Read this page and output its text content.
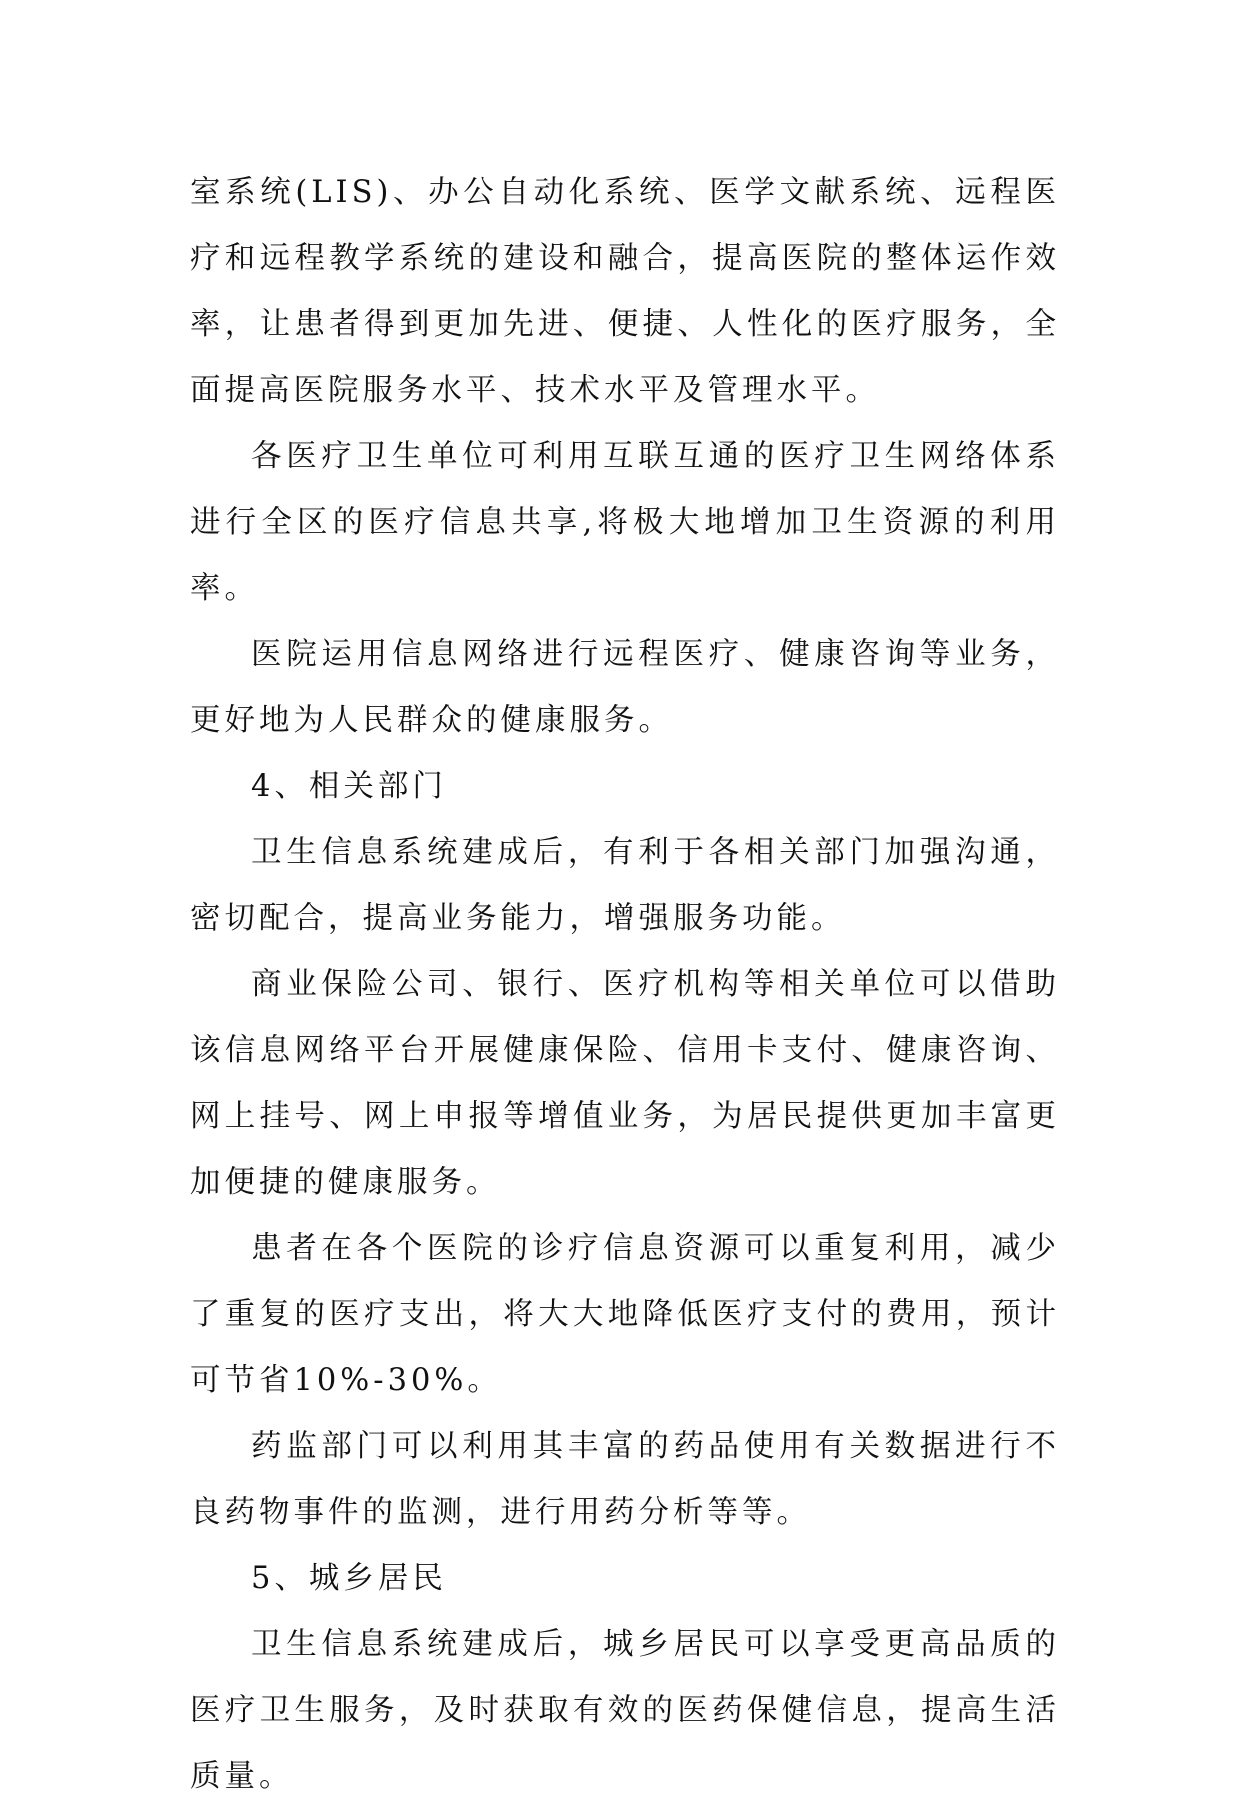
室系统(LIS)、办公自动化系统、医学文献系统、远程医疗和远程教学系统的建设和融合，提高医院的整体运作效率，让患者得到更加先进、便捷、人性化的医疗服务，全面提高医院服务水平、技术水平及管理水平。

各医疗卫生单位可利用互联互通的医疗卫生网络体系进行全区的医疗信息共享,将极大地增加卫生资源的利用率。

医院运用信息网络进行远程医疗、健康咨询等业务，更好地为人民群众的健康服务。

4、相关部门

卫生信息系统建成后，有利于各相关部门加强沟通，密切配合，提高业务能力，增强服务功能。

商业保险公司、银行、医疗机构等相关单位可以借助该信息网络平台开展健康保险、信用卡支付、健康咨询、网上挂号、网上申报等增值业务，为居民提供更加丰富更加便捷的健康服务。

患者在各个医院的诊疗信息资源可以重复利用，减少了重复的医疗支出，将大大地降低医疗支付的费用，预计可节省10%-30%。

药监部门可以利用其丰富的药品使用有关数据进行不良药物事件的监测，进行用药分析等等。

5、城乡居民

卫生信息系统建成后，城乡居民可以享受更高品质的医疗卫生服务，及时获取有效的医药保健信息，提高生活质量。
